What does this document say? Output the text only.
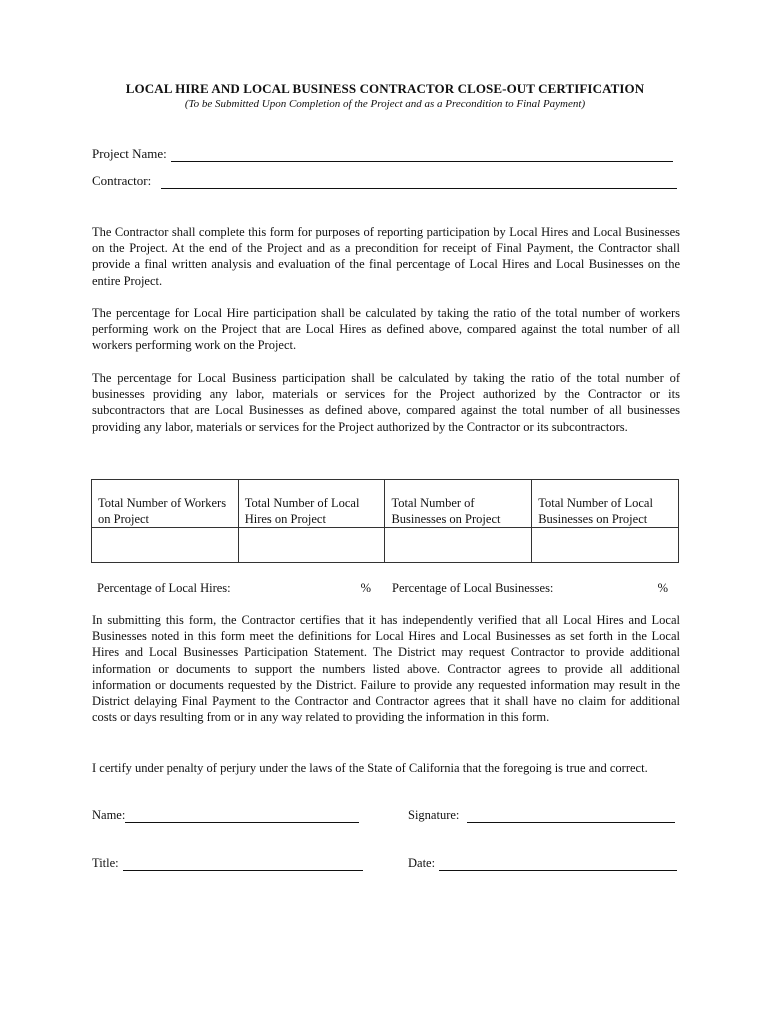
LOCAL HIRE AND LOCAL BUSINESS CONTRACTOR CLOSE-OUT CERTIFICATION
(To be Submitted Upon Completion of the Project and as a Precondition to Final Payment)
Project Name:
Contractor:

The Contractor shall complete this form for purposes of reporting participation by Local Hires and Local Businesses on the Project. At the end of the Project and as a precondition for receipt of Final Payment, the Contractor shall provide a final written analysis and evaluation of the final percentage of Local Hires and Local Businesses on the entire Project.

The percentage for Local Hire participation shall be calculated by taking the ratio of the total number of workers performing work on the Project that are Local Hires as defined above, compared against the total number of all workers performing work on the Project.

The percentage for Local Business participation shall be calculated by taking the ratio of the total number of businesses providing any labor, materials or services for the Project authorized by the Contractor or its subcontractors that are Local Businesses as defined above, compared against the total number of all businesses providing any labor, materials or services for the Project authorized by the Contractor or its subcontractors.

Total Number of Workers on Project	Total Number of Local Hires on Project	Total Number of Businesses on Project	Total Number of Local Businesses on Project

Percentage of Local Hires:	% Percentage of Local Businesses:	%

In submitting this form, the Contractor certifies that it has independently verified that all Local Hires and Local Businesses noted in this form meet the definitions for Local Hires and Local Businesses as set forth in the Local Hires and Local Businesses Participation Statement. The District may request Contractor to provide additional information or documents to support the numbers listed above. Contractor agrees to provide all additional information or documents requested by the District. Failure to provide any requested information may result in the District delaying Final Payment to the Contractor and Contractor agrees that it shall have no claim for additional costs or days resulting from or in any way related to providing the information in this form.

I certify under penalty of perjury under the laws of the State of California that the foregoing is true and correct.

Name:	Signature:
Title:	Date:
